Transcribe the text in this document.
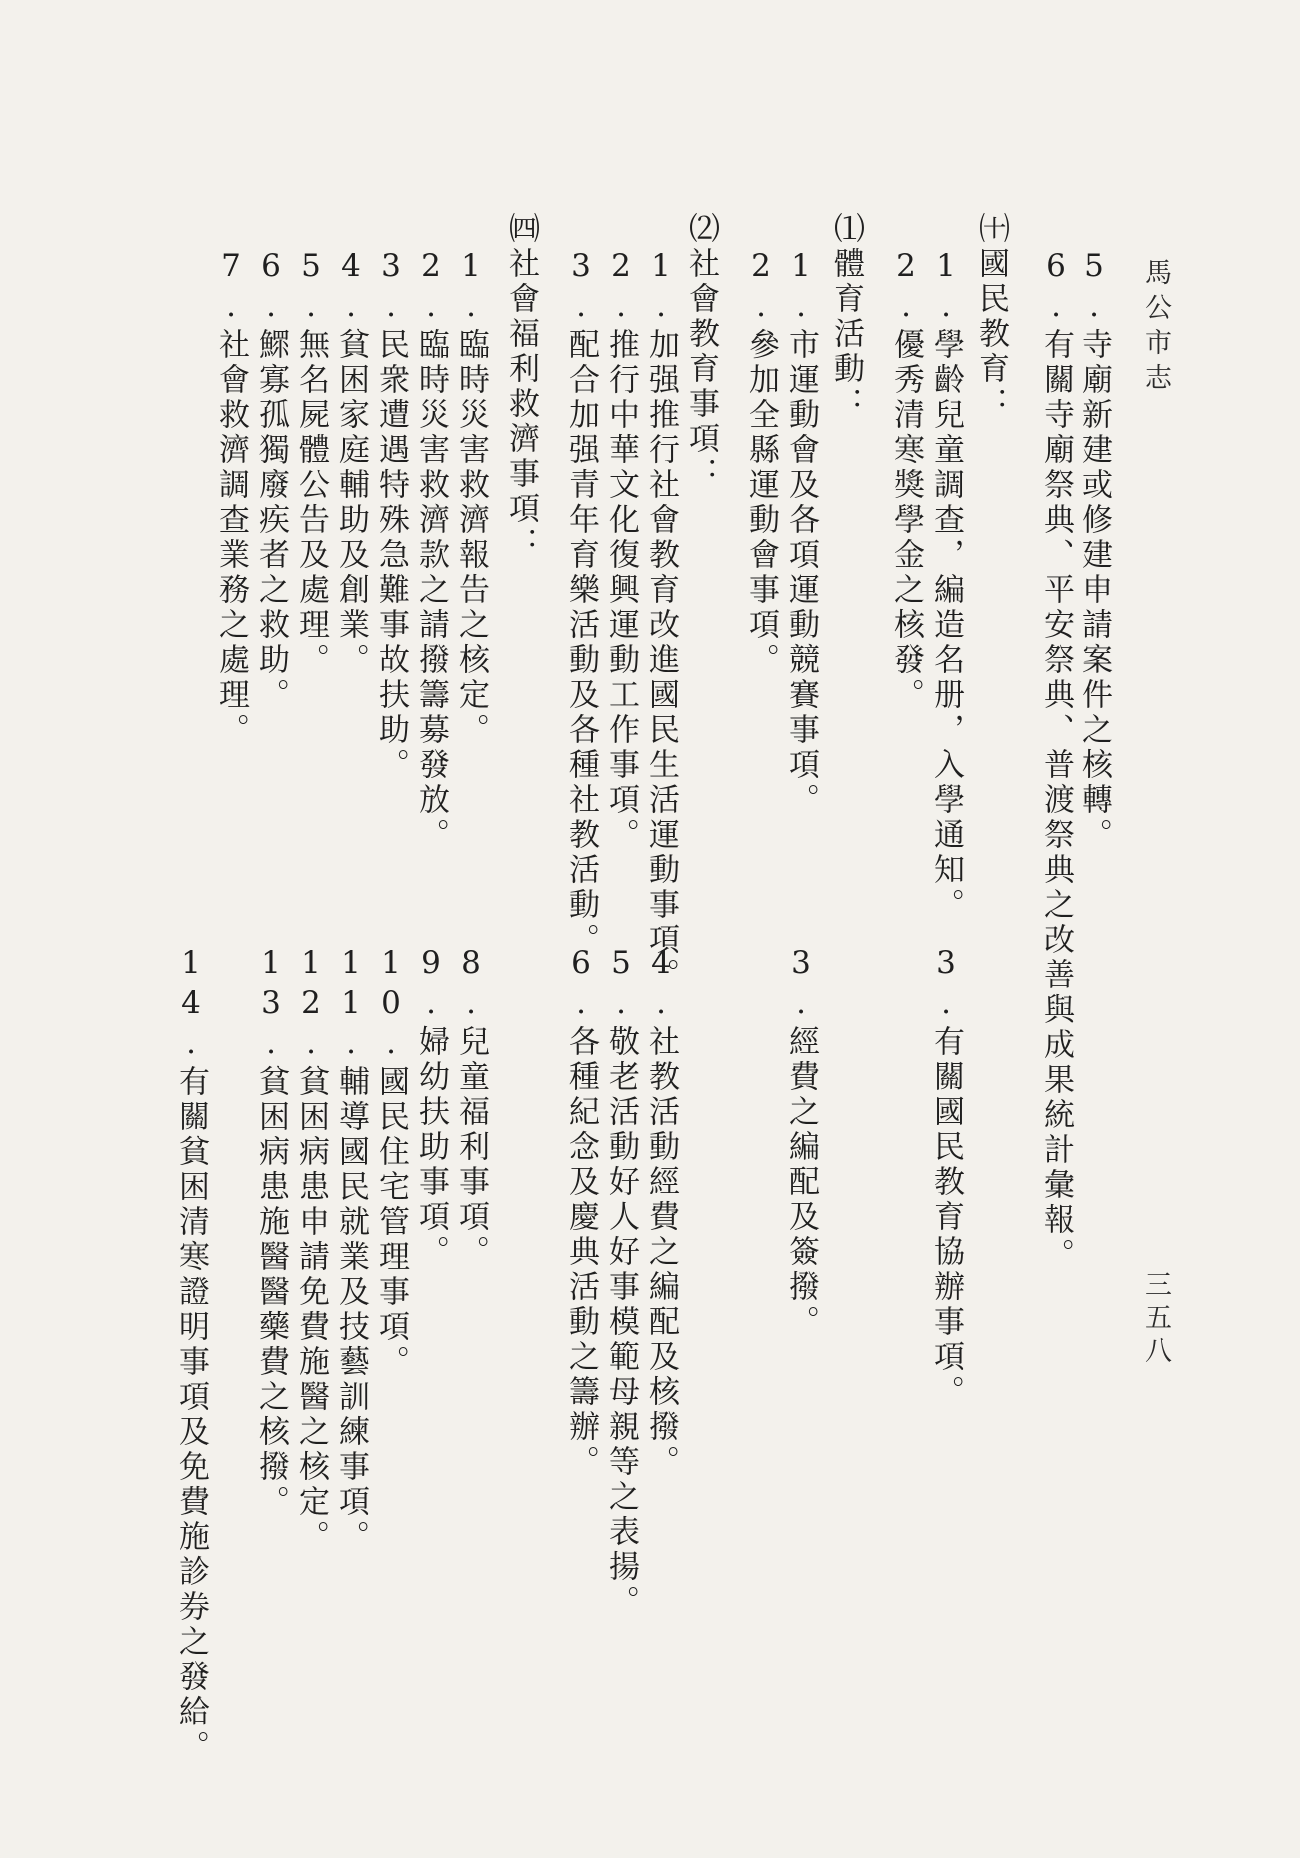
馬公市志
三五八
5.寺廟新建或修建申請案件之核轉。
6.有關寺廟祭典、平安祭典、普渡祭典之改善與成果統計彙報。
㈩國民教育：
1.學齡兒童調查，編造名册，入學通知。
3.有關國民教育協辦事項。
2.優秀清寒獎學金之核發。
⑴體育活動：
1.市運動會及各項運動競賽事項。
3.經費之編配及簽撥。
2.參加全縣運動會事項。
⑵社會教育事項：
1.加强推行社會教育改進國民生活運動事項。
4.社教活動經費之編配及核撥。
2.推行中華文化復興運動工作事項。
5.敬老活動好人好事模範母親等之表揚。
3.配合加强青年育樂活動及各種社教活動。
6.各種紀念及慶典活動之籌辦。
㈣社會福利救濟事項：
1.臨時災害救濟報告之核定。
8.兒童福利事項。
2.臨時災害救濟款之請撥籌募發放。
9.婦幼扶助事項。
3.民衆遭遇特殊急難事故扶助。
10.國民住宅管理事項。
4.貧困家庭輔助及創業。
11.輔導國民就業及技藝訓練事項。
5.無名屍體公告及處理。
12.貧困病患申請免費施醫之核定。
6.鰥寡孤獨廢疾者之救助。
13.貧困病患施醫醫藥費之核撥。
7.社會救濟調查業務之處理。
14.有關貧困清寒證明事項及免費施診券之發給。
